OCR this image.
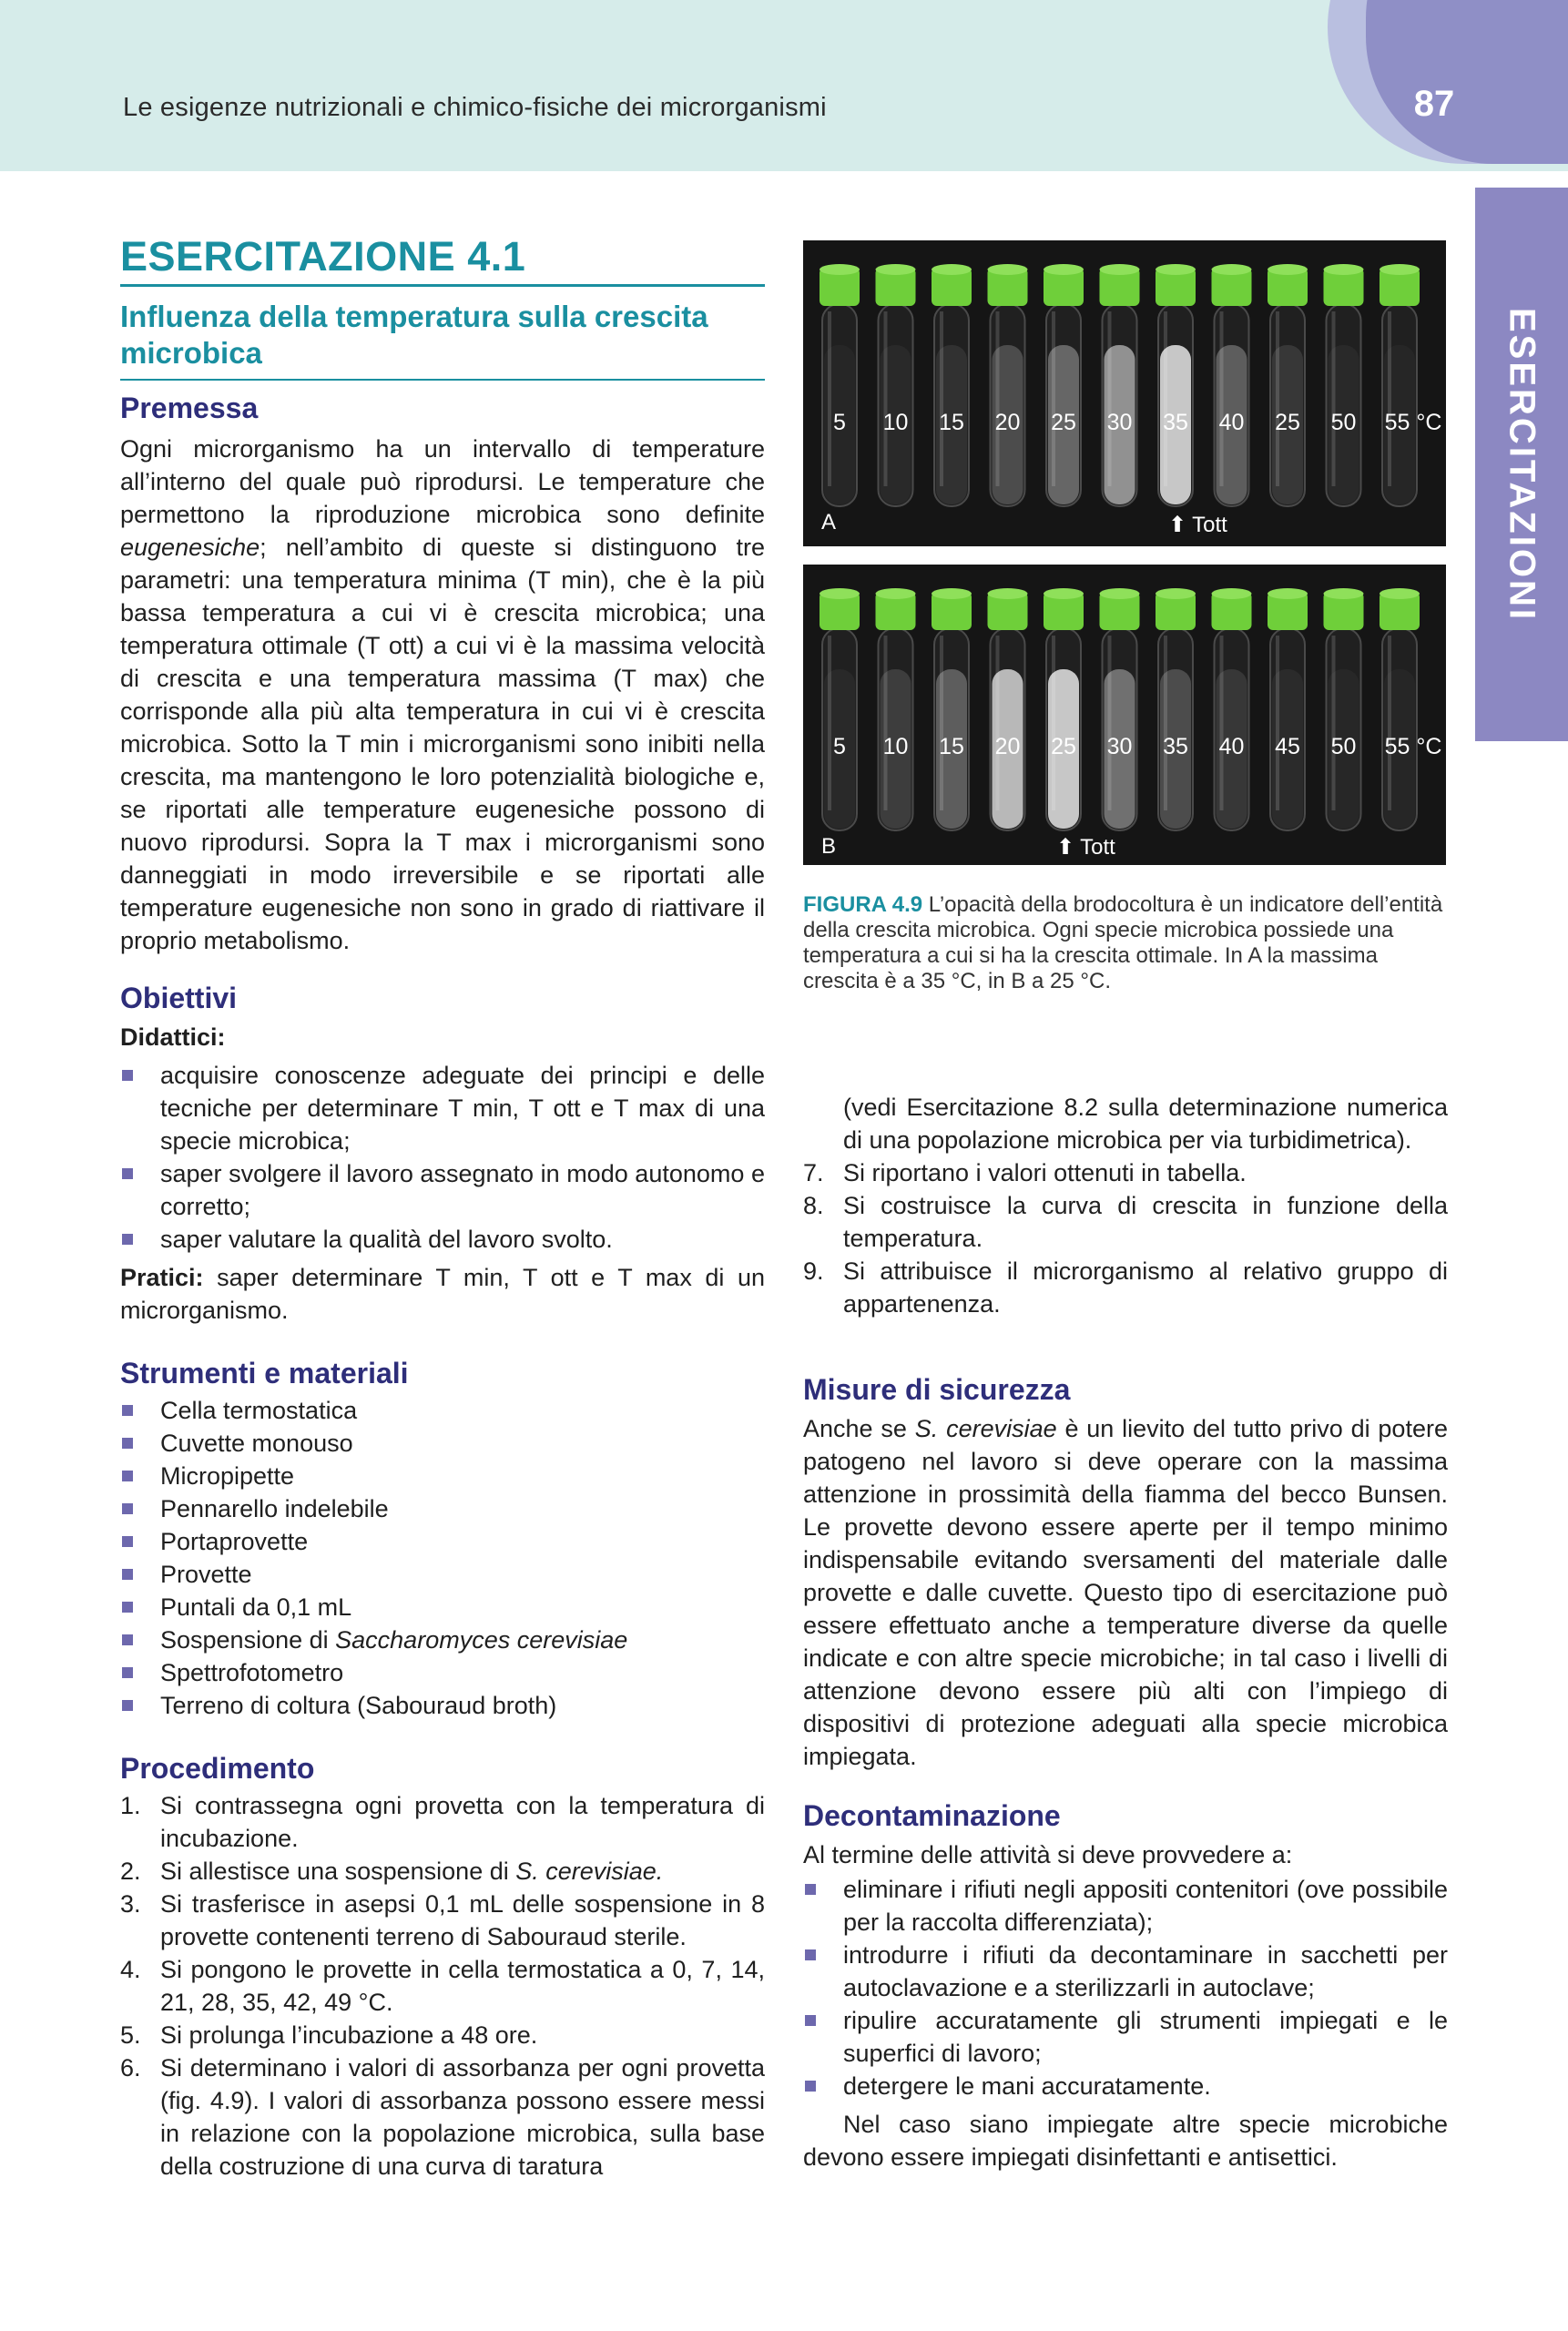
Le esigenze nutrizionali e chimico-fisiche dei microrganismi	87
ESERCITAZIONI
ESERCITAZIONE 4.1
Influenza della temperatura sulla crescita
microbica
Premessa
Ogni microrganismo ha un intervallo di temperature all’interno del quale può riprodursi. Le temperature che permettono la riproduzione microbica sono definite eugenesiche; nell’ambito di queste si distinguono tre parametri: una temperatura minima (T min), che è la più bassa temperatura a cui vi è crescita microbica; una temperatura ottimale (T ott) a cui vi è la massima velocità di crescita e una temperatura massima (T max) che corrisponde alla più alta temperatura in cui vi è crescita microbica. Sotto la T min i microrganismi sono inibiti nella crescita, ma mantengono le loro potenzialità biologiche e, se riportati alle temperature eugenesiche possono di nuovo riprodursi. Sopra la T max i microrganismi sono danneggiati in modo irreversibile e se riportati alle temperature eugenesiche non sono in grado di riattivare il proprio metabolismo.
Obiettivi
Didattici:
acquisire conoscenze adeguate dei principi e delle tecniche per determinare T min, T ott e T max di una specie microbica;
saper svolgere il lavoro assegnato in modo autonomo e corretto;
saper valutare la qualità del lavoro svolto.
Pratici: saper determinare T min, T ott e T max di un microrganismo.
Strumenti e materiali
Cella termostatica
Cuvette monouso
Micropipette
Pennarello indelebile
Portaprovette
Provette
Puntali da 0,1 mL
Sospensione di Saccharomyces cerevisiae
Spettrofotometro
Terreno di coltura (Sabouraud broth)
Procedimento
1. Si contrassegna ogni provetta con la temperatura di incubazione.
2. Si allestisce una sospensione di S. cerevisiae.
3. Si trasferisce in asepsi 0,1 mL delle sospensione in 8 provette contenenti terreno di Sabouraud sterile.
4. Si pongono le provette in cella termostatica a 0, 7, 14, 21, 28, 35, 42, 49 °C.
5. Si prolunga l’incubazione a 48 ore.
6. Si determinano i valori di assorbanza per ogni provetta (fig. 4.9). I valori di assorbanza possono essere messi in relazione con la popolazione microbica, sulla base della costruzione di una curva di taratura
5	10	15	20	25	30	35	40	25	50	55 °C
A	⬆ Tott
5	10	15	20	25	30	35	40	45	50	55 °C
B	⬆ Tott
FIGURA 4.9 L’opacità della brodocoltura è un indicatore dell’entità della crescita microbica. Ogni specie microbica possiede una temperatura a cui si ha la crescita ottimale. In A la massima crescita è a 35 °C, in B a 25 °C.
(vedi Esercitazione 8.2 sulla determinazione numerica di una popolazione microbica per via turbidimetrica).
7. Si riportano i valori ottenuti in tabella.
8. Si costruisce la curva di crescita in funzione della temperatura.
9. Si attribuisce il microrganismo al relativo gruppo di appartenenza.
Misure di sicurezza
Anche se S. cerevisiae è un lievito del tutto privo di potere patogeno nel lavoro si deve operare con la massima attenzione in prossimità della fiamma del becco Bunsen. Le provette devono essere aperte per il tempo minimo indispensabile evitando sversamenti del materiale dalle provette e dalle cuvette. Questo tipo di esercitazione può essere effettuato anche a temperature diverse da quelle indicate e con altre specie microbiche; in tal caso i livelli di attenzione devono essere più alti con l’impiego di dispositivi di protezione adeguati alla specie microbica impiegata.
Decontaminazione
Al termine delle attività si deve provvedere a:
eliminare i rifiuti negli appositi contenitori (ove possibile per la raccolta differenziata);
introdurre i rifiuti da decontaminare in sacchetti per autoclavazione e a sterilizzarli in autoclave;
ripulire accuratamente gli strumenti impiegati e le superfici di lavoro;
detergere le mani accuratamente.
Nel caso siano impiegate altre specie microbiche devono essere impiegati disinfettanti e antisettici.
